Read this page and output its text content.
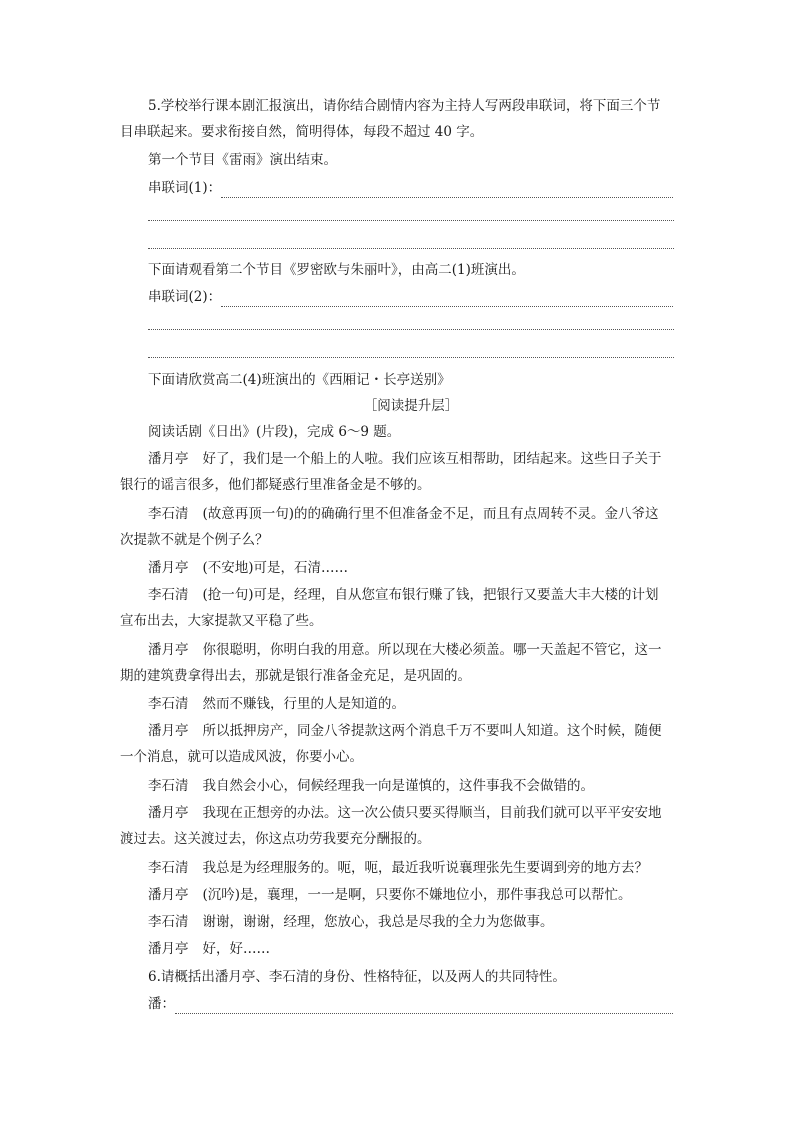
5.学校举行课本剧汇报演出，请你结合剧情内容为主持人写两段串联词，将下面三个节
目串联起来。要求衔接自然，简明得体，每段不超过 40 字。
第一个节目《雷雨》演出结束。
串联词(1)：
下面请观看第二个节目《罗密欧与朱丽叶》，由高二(1)班演出。
串联词(2)：
下面请欣赏高二(4)班演出的《西厢记・长亭送别》
［阅读提升层］
阅读话剧《日出》(片段)，完成 6～9 题。
潘月亭 好了，我们是一个船上的人啦。我们应该互相帮助，团结起来。这些日子关于
银行的谣言很多，他们都疑惑行里准备金是不够的。
李石清 (故意再顶一句)的的确确行里不但准备金不足，而且有点周转不灵。金八爷这
次提款不就是个例子么？
潘月亭 (不安地)可是，石清……
李石清 (抢一句)可是，经理，自从您宣布银行赚了钱，把银行又要盖大丰大楼的计划
宣布出去，大家提款又平稳了些。
潘月亭 你很聪明，你明白我的用意。所以现在大楼必须盖。哪一天盖起不管它，这一
期的建筑费拿得出去，那就是银行准备金充足，是巩固的。
李石清 然而不赚钱，行里的人是知道的。
潘月亭 所以抵押房产，同金八爷提款这两个消息千万不要叫人知道。这个时候，随便
一个消息，就可以造成风波，你要小心。
李石清 我自然会小心，伺候经理我一向是谨慎的，这件事我不会做错的。
潘月亭 我现在正想旁的办法。这一次公债只要买得顺当，目前我们就可以平平安安地
渡过去。这关渡过去，你这点功劳我要充分酬报的。
李石清 我总是为经理服务的。呃，呃，最近我听说襄理张先生要调到旁的地方去？
潘月亭 (沉吟)是，襄理，一一是啊，只要你不嫌地位小，那件事我总可以帮忙。
李石清 谢谢，谢谢，经理，您放心，我总是尽我的全力为您做事。
潘月亭 好，好……
6.请概括出潘月亭、李石清的身份、性格特征，以及两人的共同特性。
潘：
